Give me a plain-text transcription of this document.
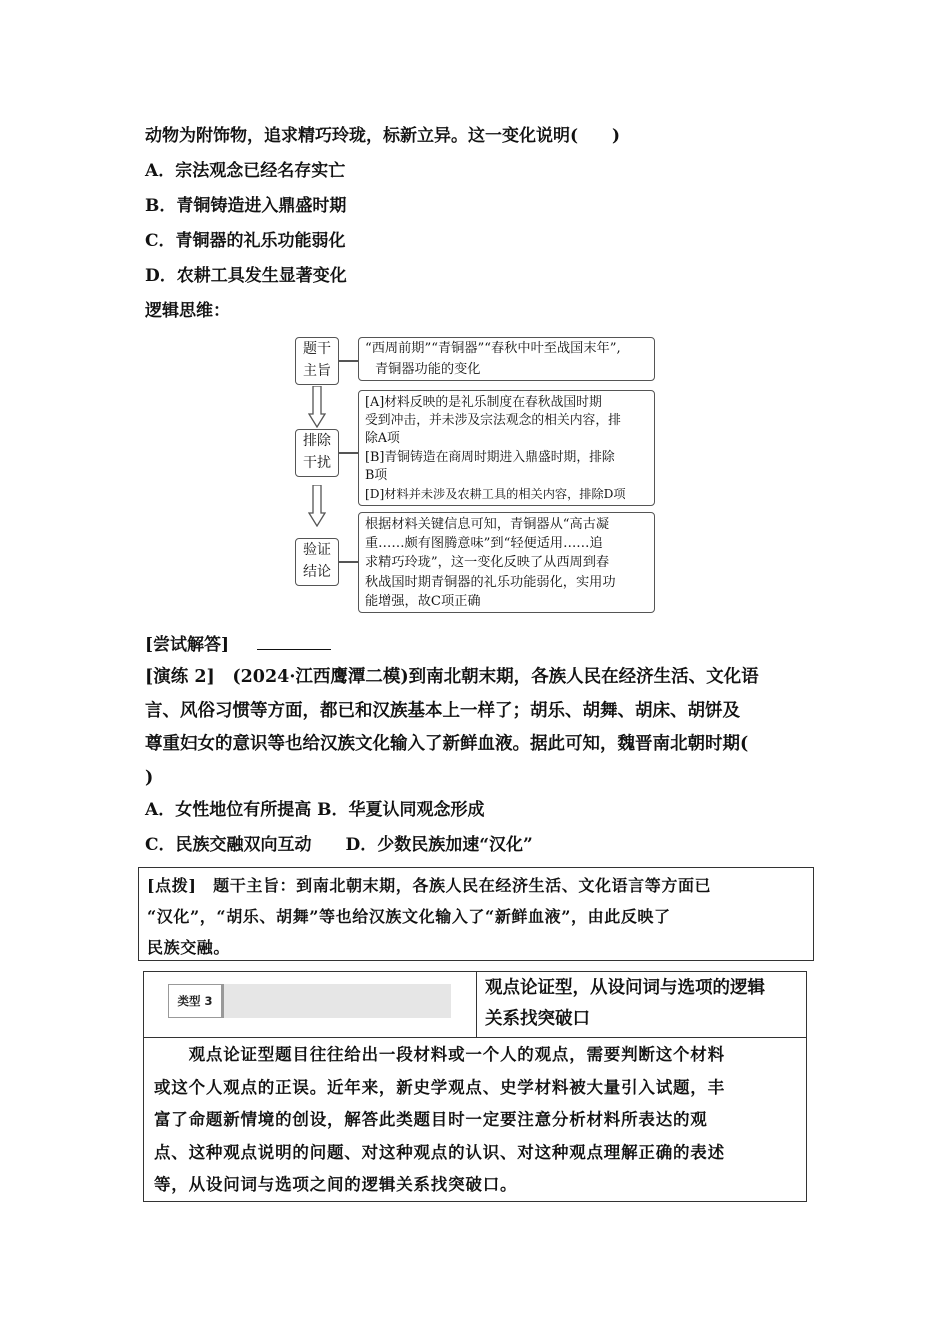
动物为附饰物，追求精巧玲珑，标新立异。这一变化说明(　　)
A．宗法观念已经名存实亡
B．青铜铸造进入鼎盛时期
C．青铜器的礼乐功能弱化
D．农耕工具发生显著变化
逻辑思维：
题干
主旨
“西周前期”“青铜器”“春秋中叶至战国末年”,
青铜器功能的变化
排除
干扰
[A]材料反映的是礼乐制度在春秋战国时期
受到冲击，并未涉及宗法观念的相关内容，排
除A项
[B]青铜铸造在商周时期进入鼎盛时期，排除
B项
[D]材料并未涉及农耕工具的相关内容，排除D项
验证
结论
根据材料关键信息可知，青铜器从“高古凝
重……颇有图腾意味”到“轻便适用……追
求精巧玲珑”，这一变化反映了从西周到春
秋战国时期青铜器的礼乐功能弱化，实用功
能增强，故C项正确
[尝试解答]
[演练 2]　(2024·江西鹰潭二模)到南北朝末期，各族人民在经济生活、文化语
言、风俗习惯等方面，都已和汉族基本上一样了；胡乐、胡舞、胡床、胡饼及
尊重妇女的意识等也给汉族文化输入了新鲜血液。据此可知，魏晋南北朝时期(
)
A．女性地位有所提高 B．华夏认同观念形成
C．民族交融双向互动　　D．少数民族加速“汉化”
[点拨]　题干主旨：到南北朝末期，各族人民在经济生活、文化语言等方面已
“汉化”，“胡乐、胡舞”等也给汉族文化输入了“新鲜血液”，由此反映了
民族交融。
类型 3
观点论证型，从设问词与选项的逻辑
关系找突破口
　　观点论证型题目往往给出一段材料或一个人的观点，需要判断这个材料
或这个人观点的正误。近年来，新史学观点、史学材料被大量引入试题，丰
富了命题新情境的创设，解答此类题目时一定要注意分析材料所表达的观
点、这种观点说明的问题、对这种观点的认识、对这种观点理解正确的表述
等，从设问词与选项之间的逻辑关系找突破口。
